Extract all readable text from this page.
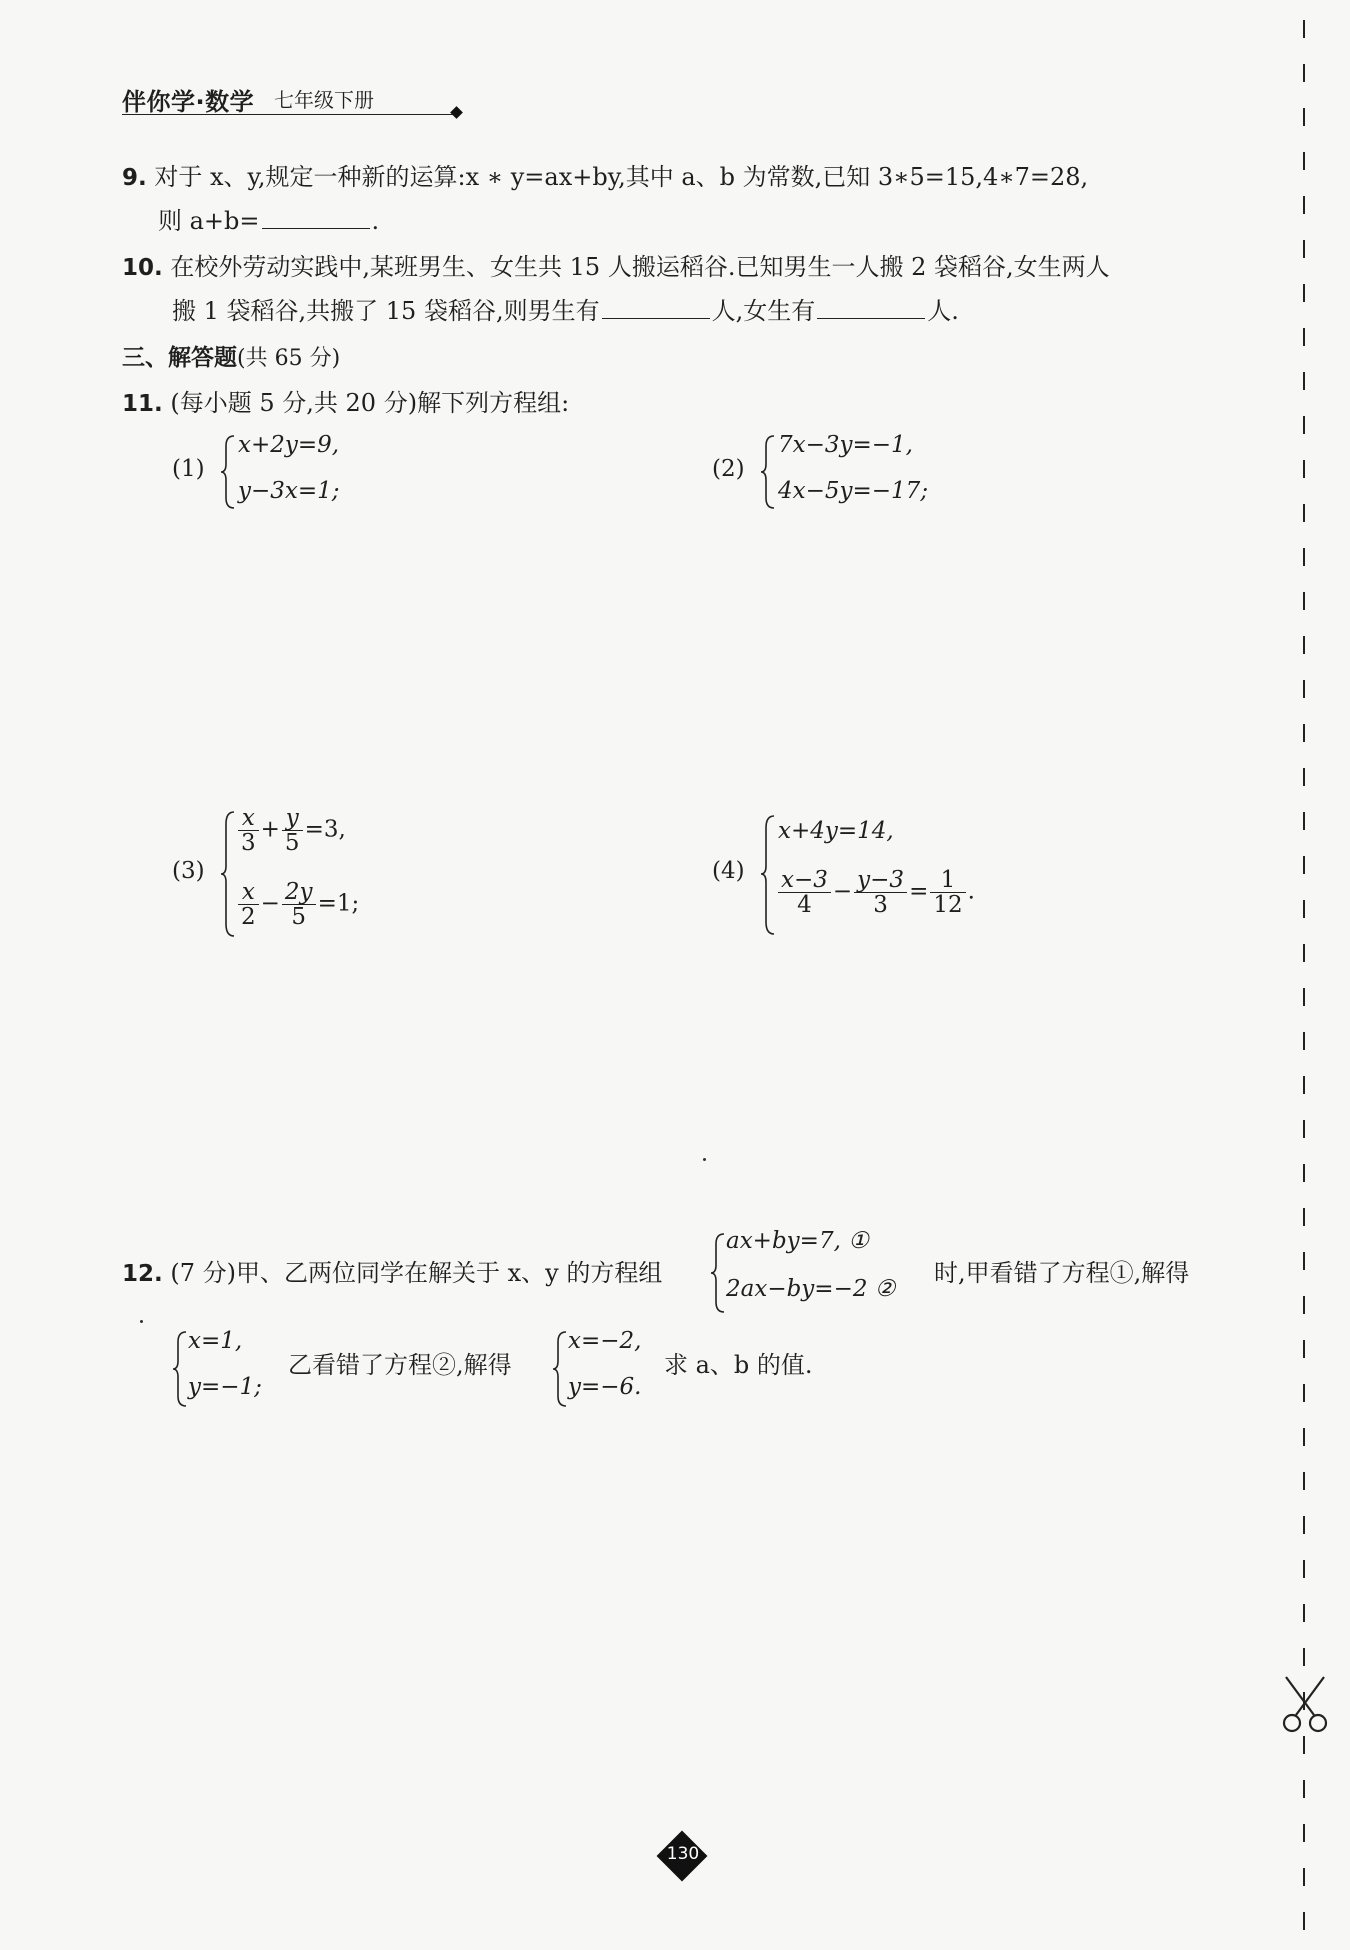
伴你学·数学 七年级下册
9. 对于 x、y,规定一种新的运算:x ∗ y=ax+by,其中 a、b 为常数,已知 3∗5=15,4∗7=28,
则 a+b=	.
10. 在校外劳动实践中,某班男生、女生共 15 人搬运稻谷.已知男生一人搬 2 袋稻谷,女生两人
搬 1 袋稻谷,共搬了 15 袋稻谷,则男生有	人,女生有	人.
三、解答题(共 65 分)
11. (每小题 5 分,共 20 分)解下列方程组:
(1)
x+2y=9,
y−3x=1;
(2)
7x−3y=−1,
4x−5y=−17;
(3)
$\frac{x}{3} + \frac{y}{5} =3$,
$\frac{x}{2} - \frac{2y}{5} =1$;
(4)
x+4y=14,
$\frac{x-3}{4} - \frac{y-3}{3} = \frac{1}{12}$ .
12. (7 分)甲、乙两位同学在解关于 x、y 的方程组
ax+by=7, ①
2ax−by=−2 ②
时,甲看错了方程①,解得
x=1,
y=−1;
乙看错了方程②,解得
x=−2,
y=−6.
求 a、b 的值.
130
